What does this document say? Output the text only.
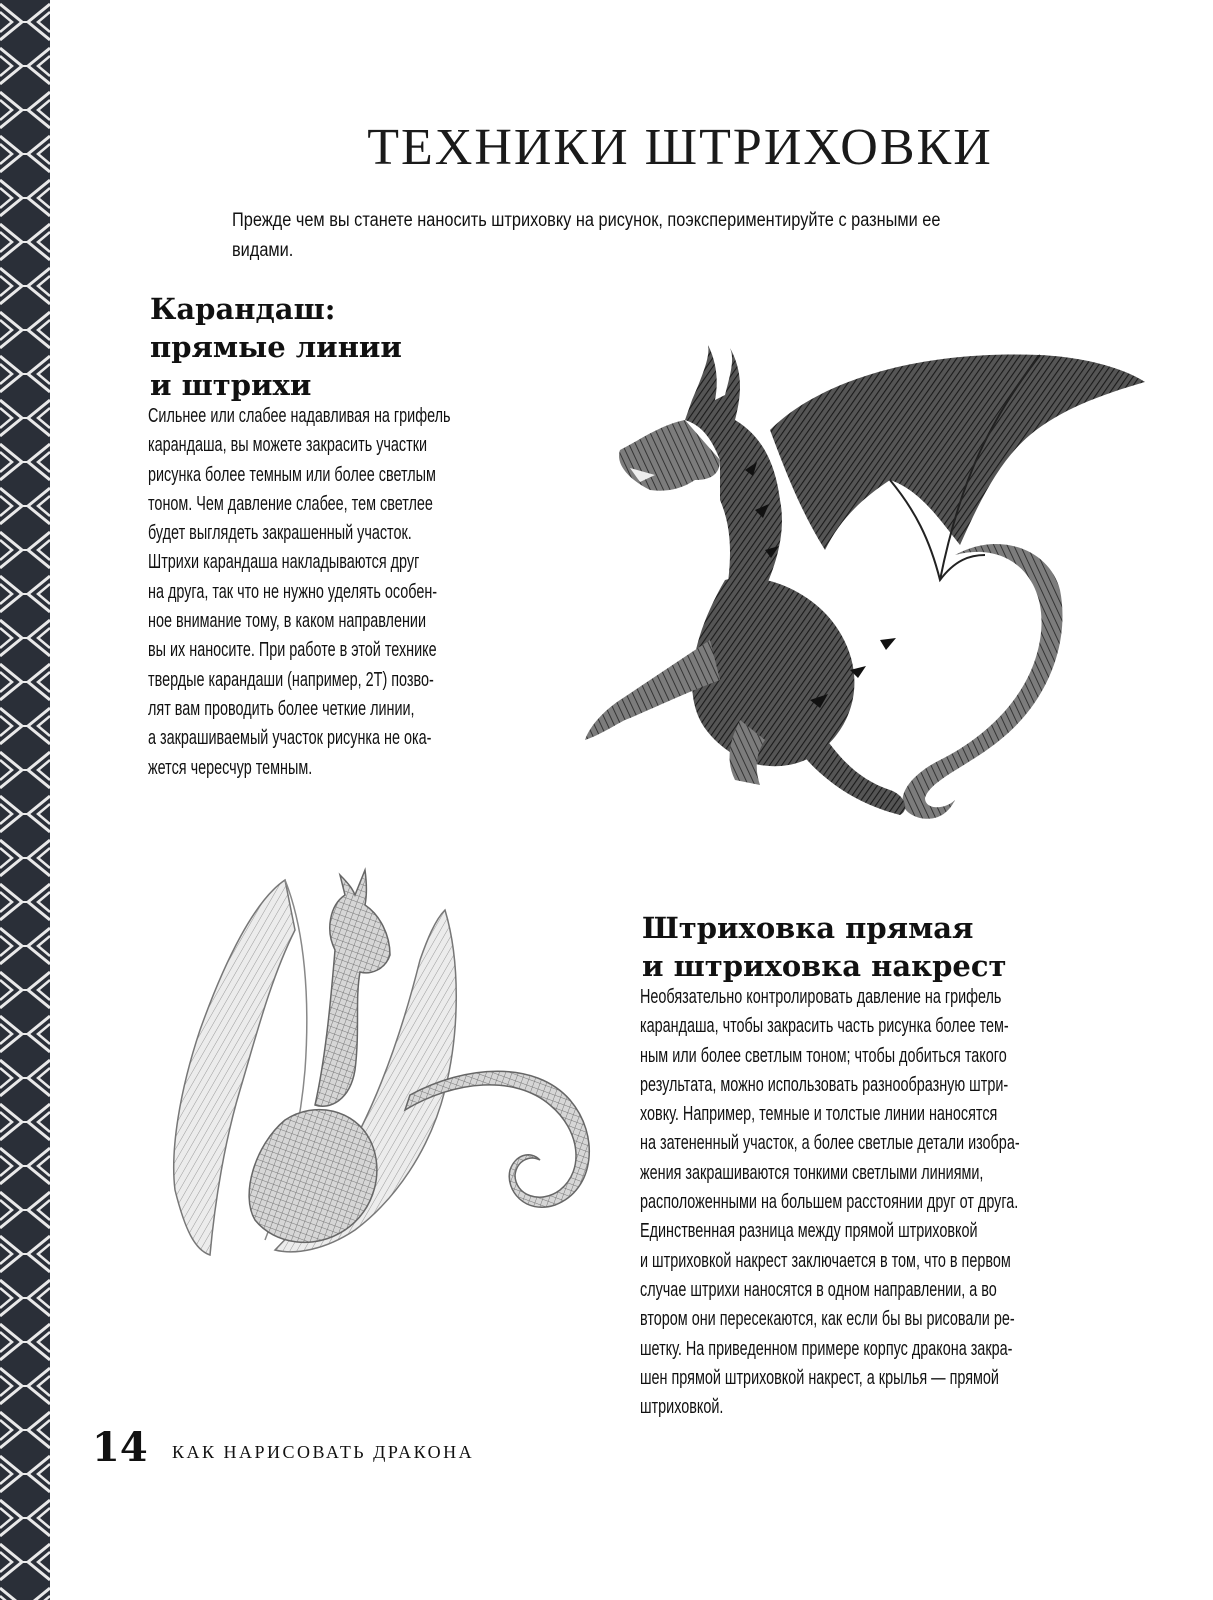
ТЕХНИКИ ШТРИХОВКИ

Прежде чем вы станете наносить штриховку на рисунок, поэкспериментируйте с разными ее видами.

Карандаш:
прямые линии
и штрихи

Сильнее или слабее надавливая на грифель
карандаша, вы можете закрасить участки
рисунка более темным или более светлым
тоном. Чем давление слабее, тем светлее
будет выглядеть закрашенный участок.
Штрихи карандаша накладываются друг
на друга, так что не нужно уделять особен-
ное внимание тому, в каком направлении
вы их наносите. При работе в этой технике
твердые карандаши (например, 2Т) позво-
лят вам проводить более четкие линии,
а закрашиваемый участок рисунка не ока-
жется чересчур темным.

Штриховка прямая
и штриховка накрест

Необязательно контролировать давление на грифель
карандаша, чтобы закрасить часть рисунка более тем-
ным или более светлым тоном; чтобы добиться такого
результата, можно использовать разнообразную штри-
ховку. Например, темные и толстые линии наносятся
на затененный участок, а более светлые детали изобра-
жения закрашиваются тонкими светлыми линиями,
расположенными на большем расстоянии друг от друга.
Единственная разница между прямой штриховкой
и штриховкой накрест заключается в том, что в первом
случае штрихи наносятся в одном направлении, а во
втором они пересекаются, как если бы вы рисовали ре-
шетку. На приведенном примере корпус дракона закра-
шен прямой штриховкой накрест, а крылья — прямой
штриховкой.

14 КАК НАРИСОВАТЬ ДРАКОНА
